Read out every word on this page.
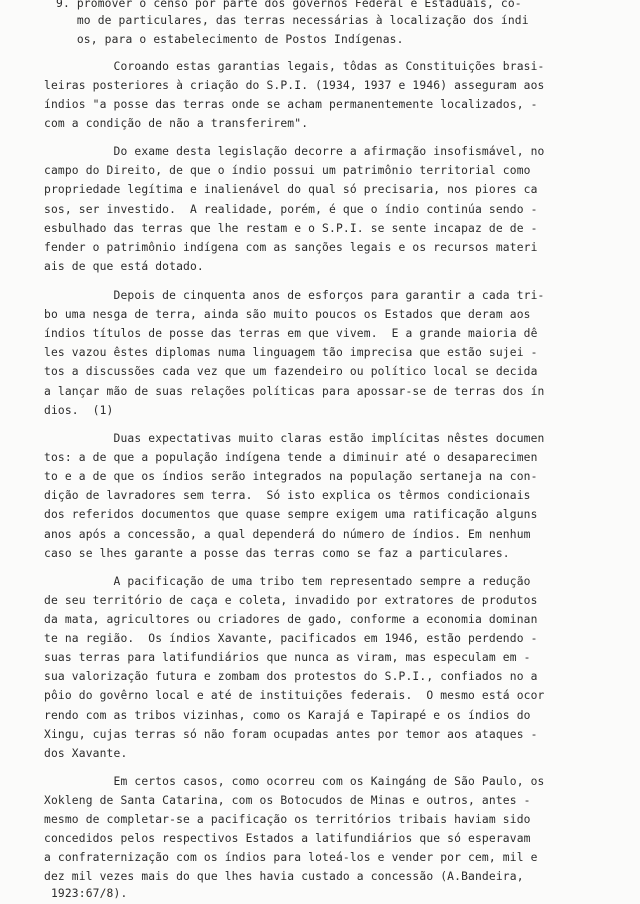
9. promover o censo por parte dos governos Federal e Estaduais, co-
mo de particulares, das terras necessárias à localização dos índi
os, para o estabelecimento de Postos Indígenas.
Coroando estas garantias legais, tôdas as Constituições brasi-
leiras posteriores à criação do S.P.I. (1934, 1937 e 1946) asseguram aos
índios "a posse das terras onde se acham permanentemente localizados, -
com a condição de não a transferirem".
Do exame desta legislação decorre a afirmação insofismável, no
campo do Direito, de que o índio possui um patrimônio territorial como
propriedade legítima e inalienável do qual só precisaria, nos piores ca
sos, ser investido.  A realidade, porém, é que o índio continúa sendo -
esbulhado das terras que lhe restam e o S.P.I. se sente incapaz de de -
fender o patrimônio indígena com as sanções legais e os recursos materi
ais de que está dotado.
Depois de cinquenta anos de esforços para garantir a cada tri-
bo uma nesga de terra, ainda são muito poucos os Estados que deram aos
índios títulos de posse das terras em que vivem.  E a grande maioria dê
les vazou êstes diplomas numa linguagem tão imprecisa que estão sujei -
tos a discussões cada vez que um fazendeiro ou político local se decida
a lançar mão de suas relações políticas para apossar-se de terras dos ín
dios.  (1)
Duas expectativas muito claras estão implícitas nêstes documen
tos: a de que a população indígena tende a diminuir até o desaparecimen
to e a de que os índios serão integrados na população sertaneja na con-
dição de lavradores sem terra.  Só isto explica os têrmos condicionais
dos referidos documentos que quase sempre exigem uma ratificação alguns
anos após a concessão, a qual dependerá do número de índios. Em nenhum
caso se lhes garante a posse das terras como se faz a particulares.
A pacificação de uma tribo tem representado sempre a redução
de seu território de caça e coleta, invadido por extratores de produtos
da mata, agricultores ou criadores de gado, conforme a economia dominan
te na região.  Os índios Xavante, pacificados em 1946, estão perdendo -
suas terras para latifundiários que nunca as viram, mas especulam em -
sua valorização futura e zombam dos protestos do S.P.I., confiados no a
pôio do govêrno local e até de instituições federais.  O mesmo está ocor
rendo com as tribos vizinhas, como os Karajá e Tapirapé e os índios do
Xingu, cujas terras só não foram ocupadas antes por temor aos ataques -
dos Xavante.
Em certos casos, como ocorreu com os Kaingáng de São Paulo, os
Xokleng de Santa Catarina, com os Botocudos de Minas e outros, antes -
mesmo de completar-se a pacificação os territórios tribais haviam sido
concedidos pelos respectivos Estados a latifundiários que só esperavam
a confraternização com os índios para loteá-los e vender por cem, mil e
dez mil vezes mais do que lhes havia custado a concessão (A.Bandeira,
1923:67/8).
